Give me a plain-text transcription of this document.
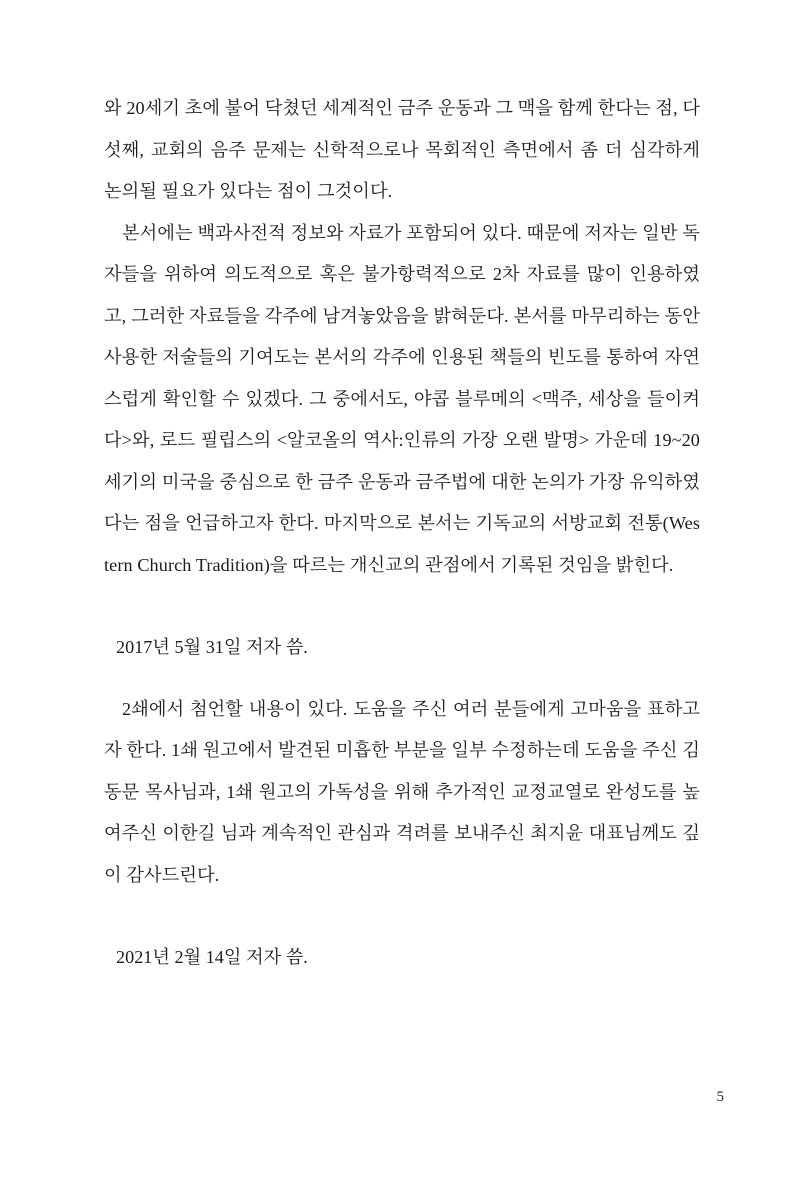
와 20세기 초에 불어 닥쳤던 세계적인 금주 운동과 그 맥을 함께 한다는 점, 다섯째, 교회의 음주 문제는 신학적으로나 목회적인 측면에서 좀 더 심각하게 논의될 필요가 있다는 점이 그것이다.

본서에는 백과사전적 정보와 자료가 포함되어 있다. 때문에 저자는 일반 독자들을 위하여 의도적으로 혹은 불가항력적으로 2차 자료를 많이 인용하였고, 그러한 자료들을 각주에 남겨놓았음을 밝혀둔다. 본서를 마무리하는 동안 사용한 저술들의 기여도는 본서의 각주에 인용된 책들의 빈도를 통하여 자연스럽게 확인할 수 있겠다. 그 중에서도, 야콥 블루메의 <맥주, 세상을 들이켜다>와, 로드 필립스의 <알코올의 역사:인류의 가장 오랜 발명> 가운데 19~20세기의 미국을 중심으로 한 금주 운동과 금주법에 대한 논의가 가장 유익하였다는 점을 언급하고자 한다. 마지막으로 본서는 기독교의 서방교회 전통(Western Church Tradition)을 따르는 개신교의 관점에서 기록된 것임을 밝힌다.

2017년 5월 31일 저자 씀.

2쇄에서 첨언할 내용이 있다. 도움을 주신 여러 분들에게 고마움을 표하고자 한다. 1쇄 원고에서 발견된 미흡한 부분을 일부 수정하는데 도움을 주신 김동문 목사님과, 1쇄 원고의 가독성을 위해 추가적인 교정교열로 완성도를 높여주신 이한길 님과 계속적인 관심과 격려를 보내주신 최지윤 대표님께도 깊이 감사드린다.

2021년 2월 14일 저자 씀.

5
